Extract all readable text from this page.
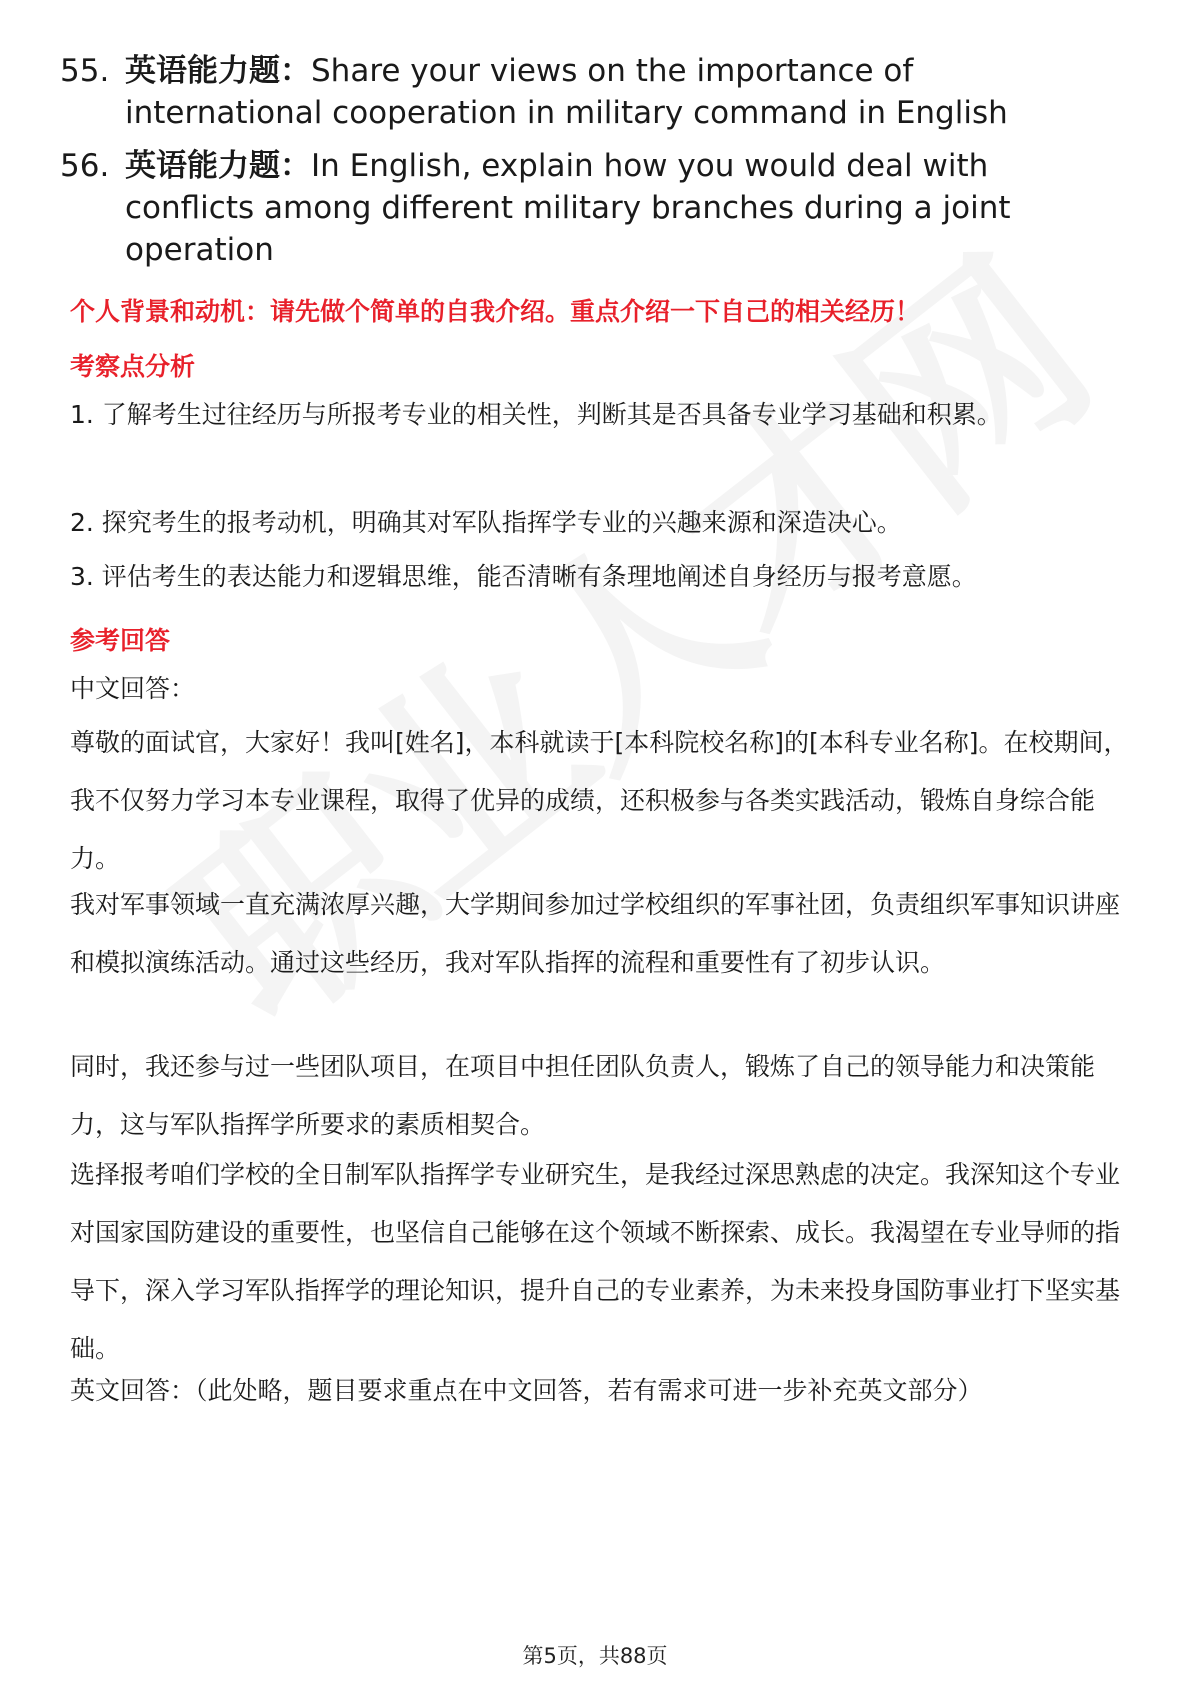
55. 英语能力题：Share your views on the importance of international cooperation in military command in English
56. 英语能力题：In English, explain how you would deal with conflicts among different military branches during a joint operation
个人背景和动机：请先做个简单的自我介绍。重点介绍一下自己的相关经历！
考察点分析
1. 了解考生过往经历与所报考专业的相关性，判断其是否具备专业学习基础和积累。
2. 探究考生的报考动机，明确其对军队指挥学专业的兴趣来源和深造决心。
3. 评估考生的表达能力和逻辑思维，能否清晰有条理地阐述自身经历与报考意愿。
参考回答
中文回答：
尊敬的面试官，大家好！我叫[姓名]，本科就读于[本科院校名称]的[本科专业名称]。在校期间，我不仅努力学习本专业课程，取得了优异的成绩，还积极参与各类实践活动，锻炼自身综合能力。
我对军事领域一直充满浓厚兴趣，大学期间参加过学校组织的军事社团，负责组织军事知识讲座和模拟演练活动。通过这些经历，我对军队指挥的流程和重要性有了初步认识。
同时，我还参与过一些团队项目，在项目中担任团队负责人，锻炼了自己的领导能力和决策能力，这与军队指挥学所要求的素质相契合。
选择报考咱们学校的全日制军队指挥学专业研究生，是我经过深思熟虑的决定。我深知这个专业对国家国防建设的重要性，也坚信自己能够在这个领域不断探索、成长。我渴望在专业导师的指导下，深入学习军队指挥学的理论知识，提升自己的专业素养，为未来投身国防事业打下坚实基础。
英文回答：（此处略，题目要求重点在中文回答，若有需求可进一步补充英文部分）
第5页，共88页
